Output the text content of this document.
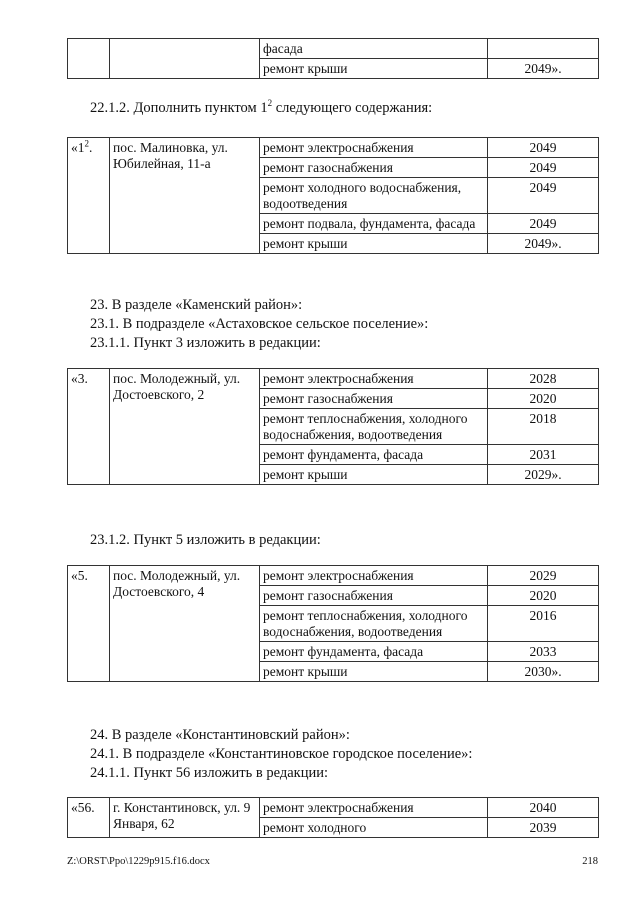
		фасада	
		ремонт крыши	2049».
22.1.2. Дополнить пунктом $1^2$ следующего содержания:
«$1^2$.	пос. Малиновка, ул. Юбилейная, 11-а	ремонт электроснабжения	2049
		ремонт газоснабжения	2049
		ремонт холодного водоснабжения, водоотведения	2049
		ремонт подвала, фундамента, фасада	2049
		ремонт крыши	2049».
23. В разделе «Каменский район»:
23.1. В подразделе «Астаховское сельское поселение»:
23.1.1. Пункт 3 изложить в редакции:
«3.	пос. Молодежный, ул. Достоевского, 2	ремонт электроснабжения	2028
		ремонт газоснабжения	2020
		ремонт теплоснабжения, холодного водоснабжения, водоотведения	2018
		ремонт фундамента, фасада	2031
		ремонт крыши	2029».
23.1.2. Пункт 5 изложить в редакции:
«5.	пос. Молодежный, ул. Достоевского, 4	ремонт электроснабжения	2029
		ремонт газоснабжения	2020
		ремонт теплоснабжения, холодного водоснабжения, водоотведения	2016
		ремонт фундамента, фасада	2033
		ремонт крыши	2030».
24. В разделе «Константиновский район»:
24.1. В подразделе «Константиновское городское поселение»:
24.1.1. Пункт 56 изложить в редакции:
«56.	г. Константиновск, ул. 9 Января, 62	ремонт электроснабжения	2040
		ремонт холодного	2039
Z:\ORST\Ppo\1229p915.f16.docx	218
